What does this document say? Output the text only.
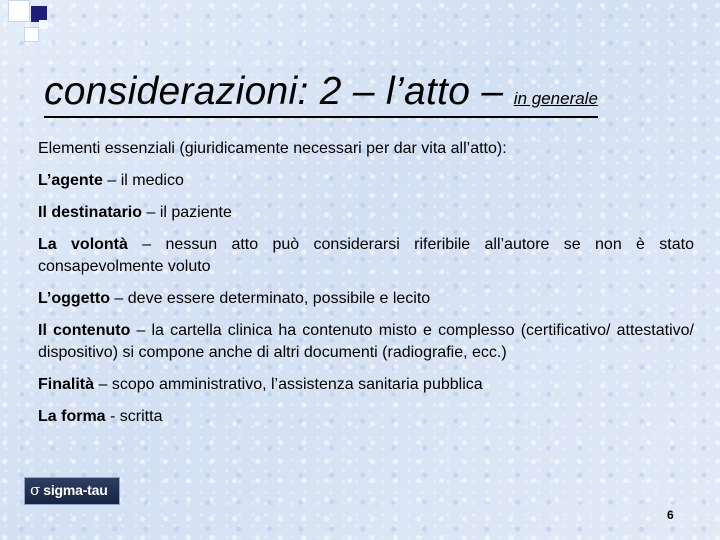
considerazioni: 2 – l’atto – in generale

Elementi essenziali (giuridicamente necessari per dar vita all’atto):

L’agente – il medico

Il destinatario – il paziente

La volontà – nessun atto può considerarsi riferibile all’autore se non è stato consapevolmente voluto

L’oggetto – deve essere determinato, possibile e lecito

Il contenuto – la cartella clinica ha contenuto misto e complesso (certificativo/ attestativo/ dispositivo) si compone anche di altri documenti (radiografie, ecc.)

Finalità – scopo amministrativo, l’assistenza sanitaria pubblica

La forma - scritta

σ sigma-tau
6
